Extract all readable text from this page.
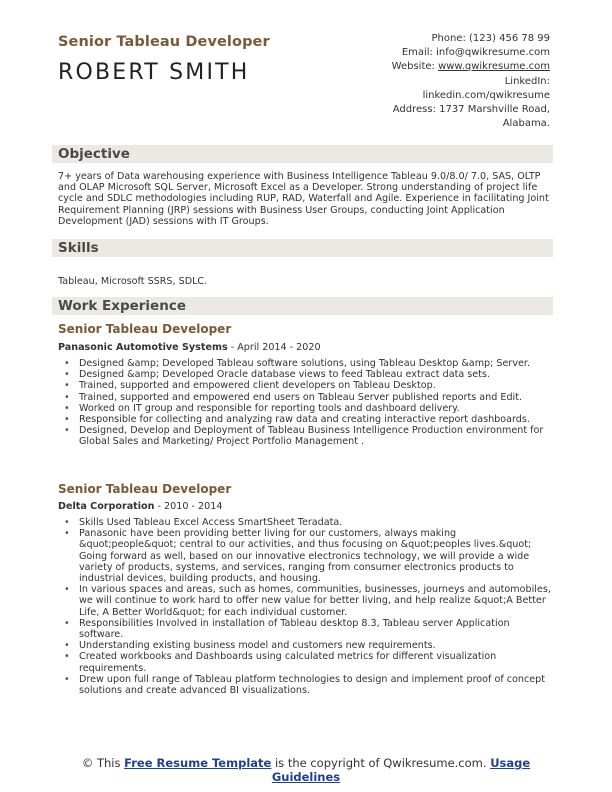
Senior Tableau Developer
ROBERT SMITH
Phone: (123) 456 78 99
Email: info@qwikresume.com
Website: www.qwikresume.com
LinkedIn:
linkedin.com/qwikresume
Address: 1737 Marshville Road,
Alabama.
Objective
7+ years of Data warehousing experience with Business Intelligence Tableau 9.0/8.0/ 7.0, SAS, OLTP and OLAP Microsoft SQL Server, Microsoft Excel as a Developer. Strong understanding of project life cycle and SDLC methodologies including RUP, RAD, Waterfall and Agile. Experience in facilitating Joint Requirement Planning (JRP) sessions with Business User Groups, conducting Joint Application Development (JAD) sessions with IT Groups.
Skills
Tableau, Microsoft SSRS, SDLC.
Work Experience
Senior Tableau Developer
Panasonic Automotive Systems - April 2014 - 2020
• Designed &amp; Developed Tableau software solutions, using Tableau Desktop &amp; Server.
• Designed &amp; Developed Oracle database views to feed Tableau extract data sets.
• Trained, supported and empowered client developers on Tableau Desktop.
• Trained, supported and empowered end users on Tableau Server published reports and Edit.
• Worked on IT group and responsible for reporting tools and dashboard delivery.
• Responsible for collecting and analyzing raw data and creating interactive report dashboards.
• Designed, Develop and Deployment of Tableau Business Intelligence Production environment for Global Sales and Marketing/ Project Portfolio Management .
Senior Tableau Developer
Delta Corporation - 2010 - 2014
• Skills Used Tableau Excel Access SmartSheet Teradata.
• Panasonic have been providing better living for our customers, always making &quot;people&quot; central to our activities, and thus focusing on &quot;peoples lives.&quot; Going forward as well, based on our innovative electronics technology, we will provide a wide variety of products, systems, and services, ranging from consumer electronics products to industrial devices, building products, and housing.
• In various spaces and areas, such as homes, communities, businesses, journeys and automobiles, we will continue to work hard to offer new value for better living, and help realize &quot;A Better Life, A Better World&quot; for each individual customer.
• Responsibilities Involved in installation of Tableau desktop 8.3, Tableau server Application software.
• Understanding existing business model and customers new requirements.
• Created workbooks and Dashboards using calculated metrics for different visualization requirements.
• Drew upon full range of Tableau platform technologies to design and implement proof of concept solutions and create advanced BI visualizations.
© This Free Resume Template is the copyright of Qwikresume.com. Usage
Guidelines
